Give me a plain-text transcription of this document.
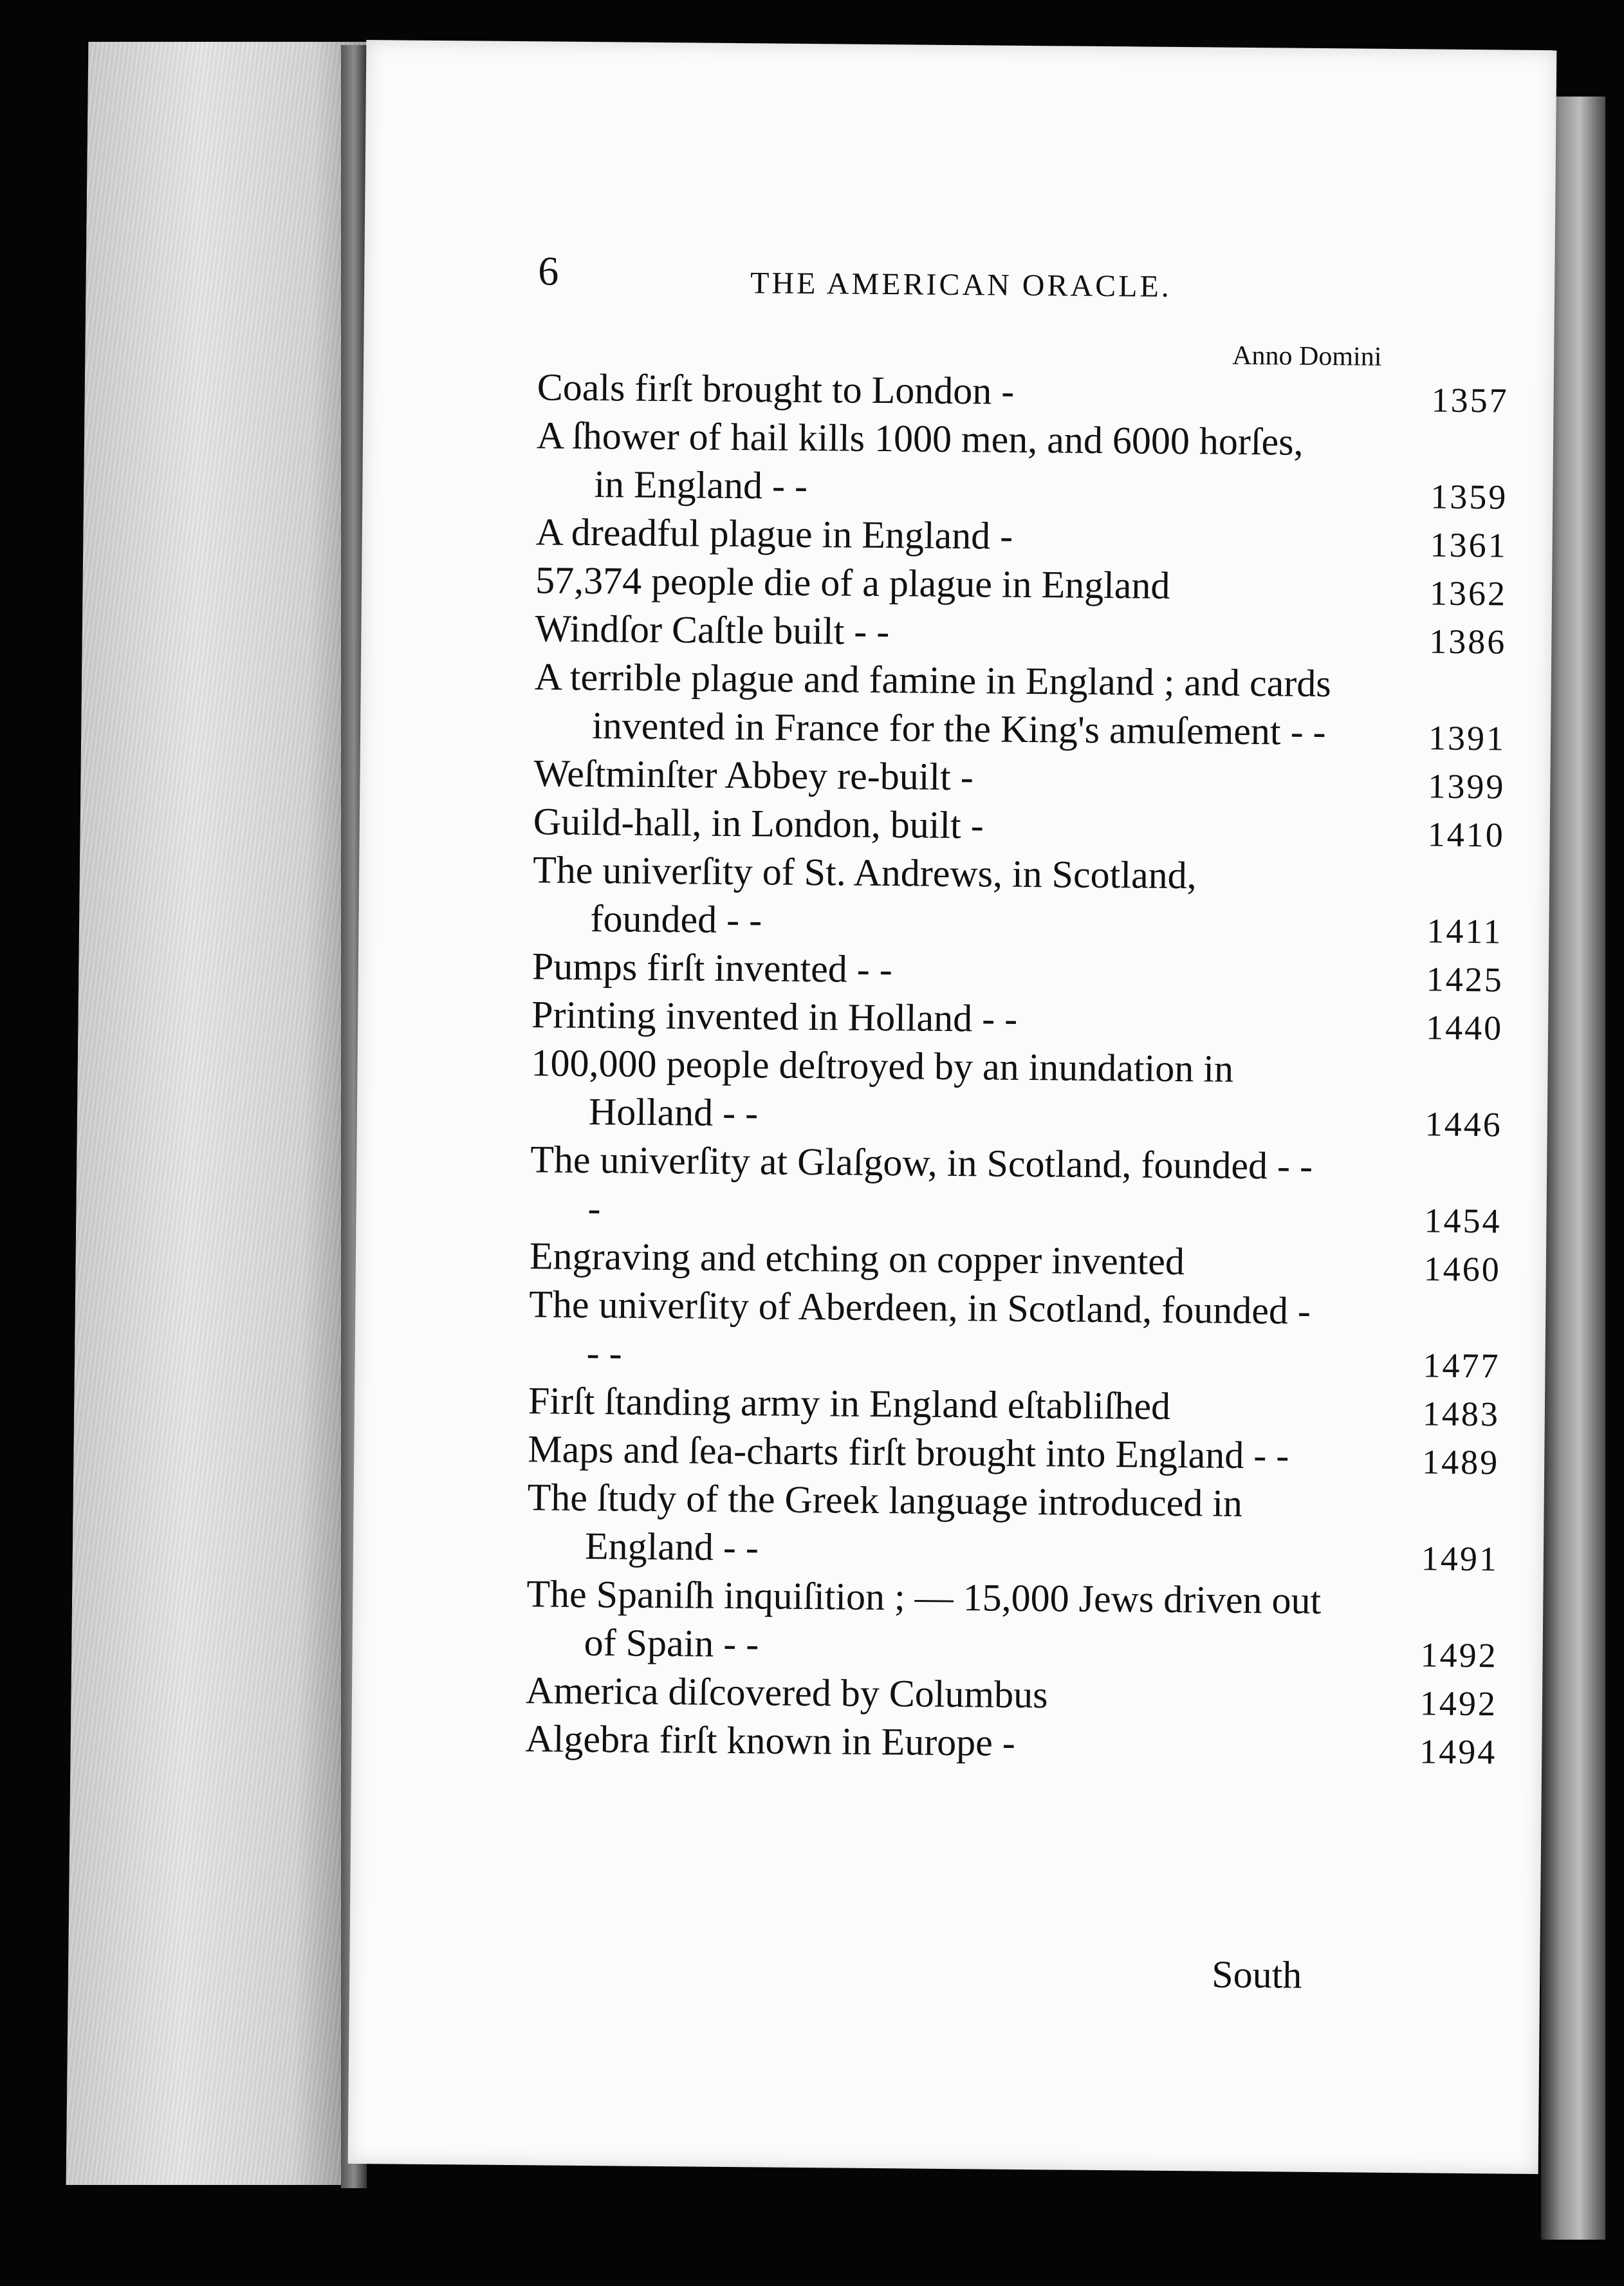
6	THE AMERICAN ORACLE.
Anno Domini
Coals firſt brought to London -	1357
A ſhower of hail kills 1000 men, and 6000 horſes, in England - -	1359
A dreadful plague in England -	1361
57,374 people die of a plague in England	1362
Windſor Caſtle built - -	1386
A terrible plague and famine in England ; and cards invented in France for the King's amuſement - -	1391
Weſtminſter Abbey re-built -	1399
Guild-hall, in London, built -	1410
The univerſity of St. Andrews, in Scotland, founded - -	1411
Pumps firſt invented - -	1425
Printing invented in Holland - -	1440
100,000 people deſtroyed by an inundation in Holland - -	1446
The univerſity at Glaſgow, in Scotland, founded - - -	1454
Engraving and etching on copper invented	1460
The univerſity of Aberdeen, in Scotland, founded - - -	1477
Firſt ſtanding army in England eſtabliſhed	1483
Maps and ſea-charts firſt brought into England - -	1489
The ſtudy of the Greek language introduced in England - -	1491
The Spaniſh inquiſition ; — 15,000 Jews driven out of Spain - -	1492
America diſcovered by Columbus	1492
Algebra firſt known in Europe -	1494
South
